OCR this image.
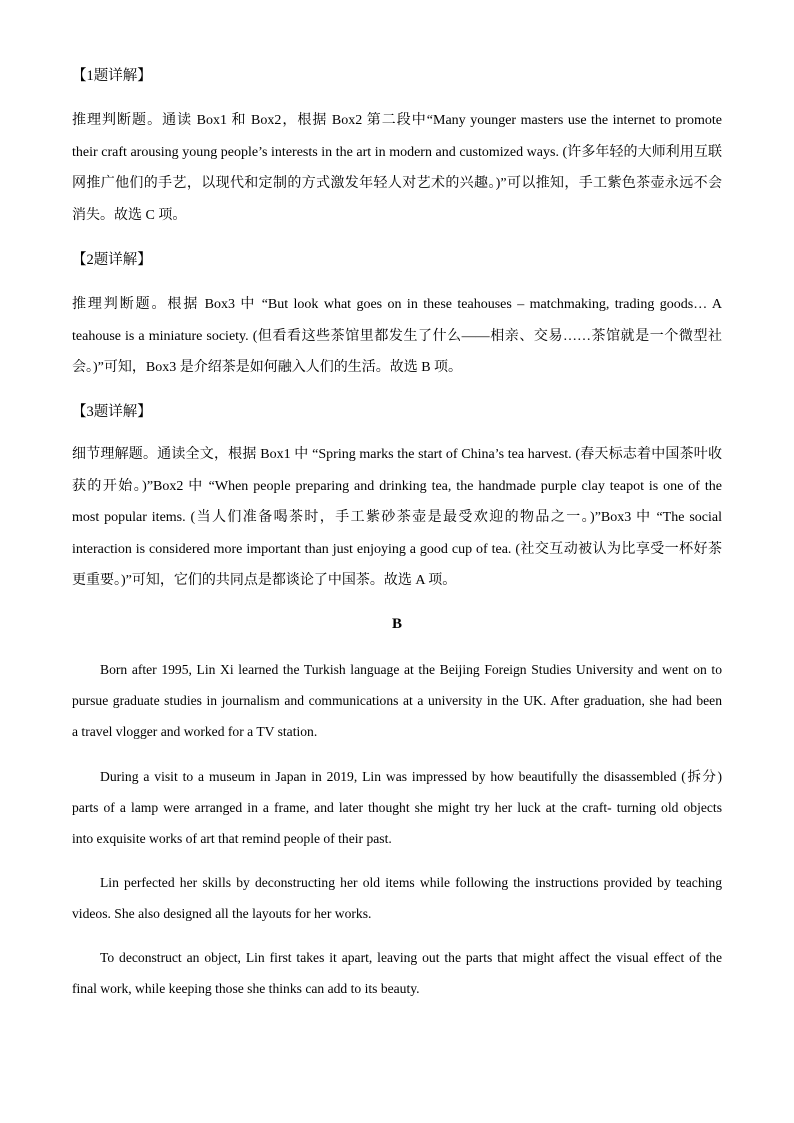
【1题详解】
推理判断题。通读 Box1 和 Box2，根据 Box2 第二段中“Many younger masters use the internet to promote
their craft arousing young people’s interests in the art in modern and customized ways. (许多年轻的大师利用互联
网推广他们的手艺，以现代和定制的方式激发年轻人对艺术的兴趣。)”可以推知，手工紫色茶壶永远不会
消失。故选 C 项。
【2题详解】
推理判断题。根据 Box3 中 “But look what goes on in these teahouses – matchmaking, trading goods… A
teahouse is a miniature society. (但看看这些茶馆里都发生了什么——相亲、交易……茶馆就是一个微型社
会。)”可知，Box3 是介绍茶是如何融入人们的生活。故选 B 项。
【3题详解】
细节理解题。通读全文，根据 Box1 中 “Spring marks the start of China’s tea harvest. (春天标志着中国茶叶收
获的开始。)”Box2 中 “When people preparing and drinking tea, the handmade purple clay teapot is one of the
most popular items. (当人们准备喝茶时，手工紫砂茶壶是最受欢迎的物品之一。)”Box3 中 “The social
interaction is considered more important than just enjoying a good cup of tea. (社交互动被认为比享受一杯好茶
更重要。)”可知，它们的共同点是都谈论了中国茶。故选 A 项。
B
Born after 1995, Lin Xi learned the Turkish language at the Beijing Foreign Studies University and went on to
pursue graduate studies in journalism and communications at a university in the UK. After graduation, she had been
a travel vlogger and worked for a TV station.
During a visit to a museum in Japan in 2019, Lin was impressed by how beautifully the disassembled (拆分)
parts of a lamp were arranged in a frame, and later thought she might try her luck at the craft- turning old objects
into exquisite works of art that remind people of their past.
Lin perfected her skills by deconstructing her old items while following the instructions provided by teaching
videos. She also designed all the layouts for her works.
To deconstruct an object, Lin first takes it apart, leaving out the parts that might affect the visual effect of the
final work, while keeping those she thinks can add to its beauty.
